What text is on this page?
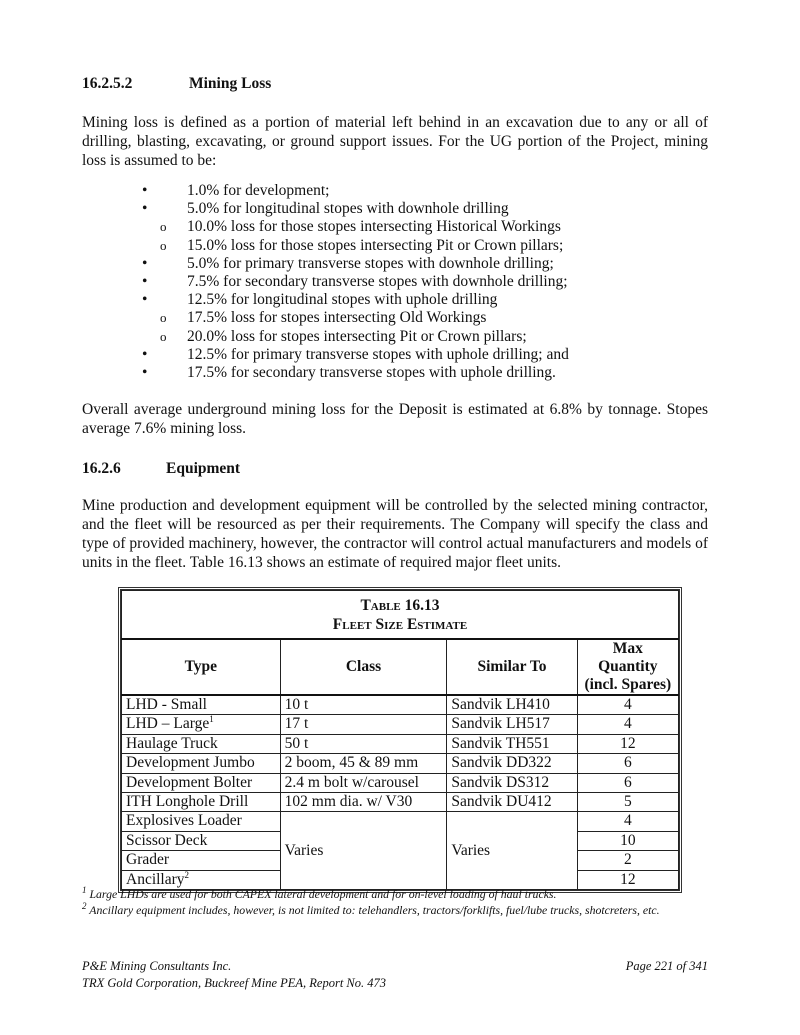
16.2.5.2	Mining Loss
Mining loss is defined as a portion of material left behind in an excavation due to any or all of drilling, blasting, excavating, or ground support issues. For the UG portion of the Project, mining loss is assumed to be:
•	1.0% for development;
•	5.0% for longitudinal stopes with downhole drilling
o 10.0% loss for those stopes intersecting Historical Workings
o 15.0% loss for those stopes intersecting Pit or Crown pillars;
•	5.0% for primary transverse stopes with downhole drilling;
•	7.5% for secondary transverse stopes with downhole drilling;
•	12.5% for longitudinal stopes with uphole drilling
o 17.5% loss for stopes intersecting Old Workings
o 20.0% loss for stopes intersecting Pit or Crown pillars;
•	12.5% for primary transverse stopes with uphole drilling; and
•	17.5% for secondary transverse stopes with uphole drilling.
Overall average underground mining loss for the Deposit is estimated at 6.8% by tonnage. Stopes average 7.6% mining loss.
16.2.6	Equipment
Mine production and development equipment will be controlled by the selected mining contractor, and the fleet will be resourced as per their requirements. The Company will specify the class and type of provided machinery, however, the contractor will control actual manufacturers and models of units in the fleet. Table 16.13 shows an estimate of required major fleet units.
Table 16.13
Fleet Size Estimate			

Type	Class	Similar To	Max Quantity (incl. Spares)
LHD - Small	10 t	Sandvik LH410	4
LHD – Large$^1$	17 t	Sandvik LH517	4
Haulage Truck	50 t	Sandvik TH551	12
Development Jumbo	2 boom, 45 & 89 mm	Sandvik DD322	6
Development Bolter	2.4 m bolt w/carousel	Sandvik DS312	6
ITH Longhole Drill	102 mm dia. w/ V30	Sandvik DU412	5
Explosives Loader	Varies	Varies	4
Scissor Deck			10
Grader			2
Ancillary$^2$			12
$^1$ Large LHDs are used for both CAPEX lateral development and for on-level loading of haul trucks.
$^2$ Ancillary equipment includes, however, is not limited to: telehandlers, tractors/forklifts, fuel/lube trucks, shotcreters, etc.
P&E Mining Consultants Inc.
TRX Gold Corporation, Buckreef Mine PEA, Report No. 473
Page 221 of 341
